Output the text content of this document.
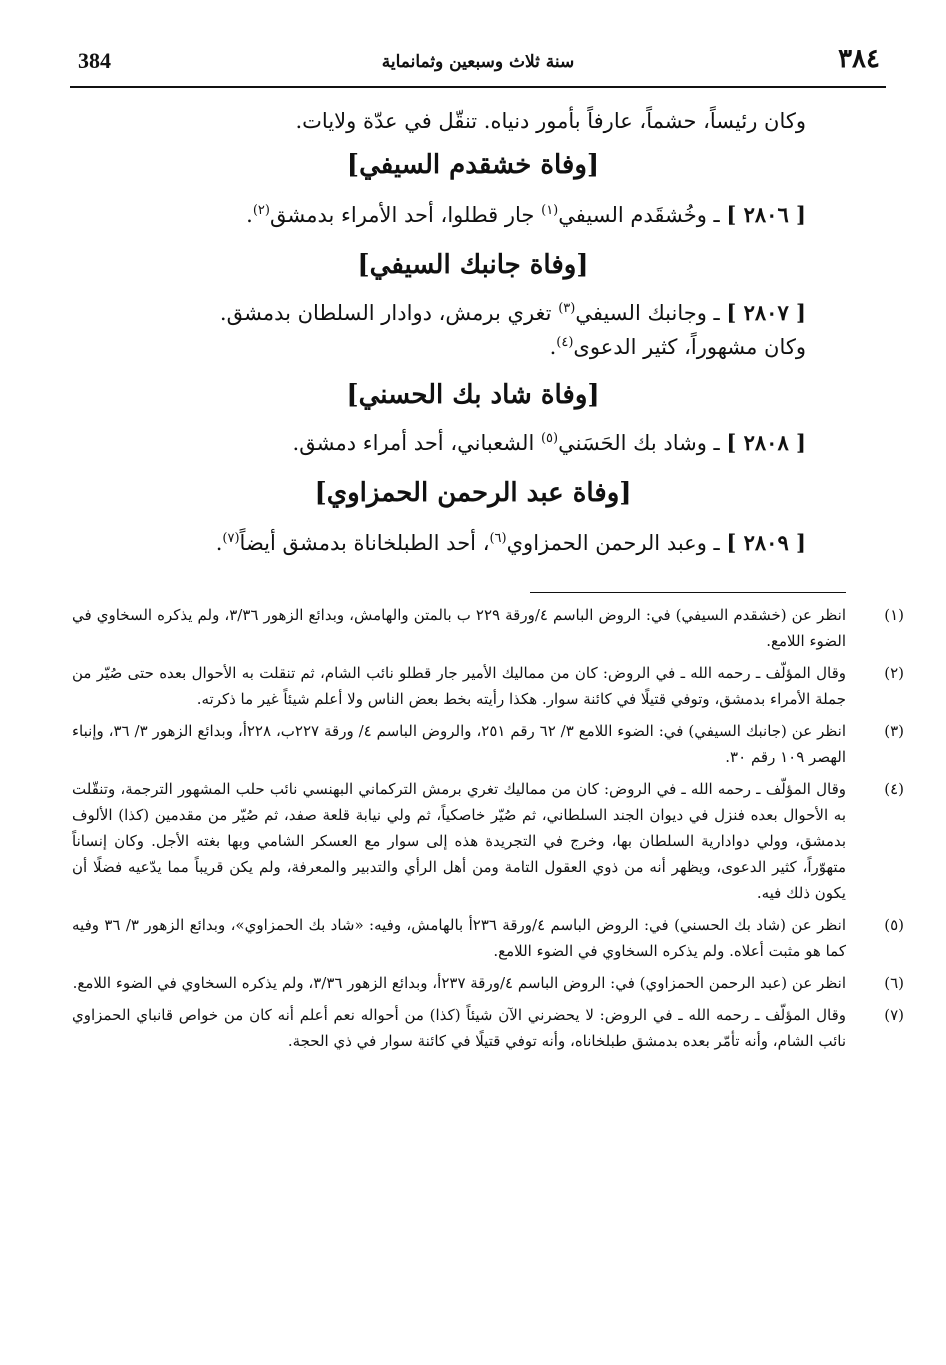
384	سنة ثلاث وسبعين وثمانماية	٣٨٤
وكان رئيساً، حشماً، عارفاً بأمور دنياه. تنقّل في عدّة ولايات.
[وفاة خشقدم السيفي]
[ ٢٨٠٦ ] ـ وخُشقَدم السيفي$^{(١)}$ جار قطلوا، أحد الأمراء بدمشق$^{(٢)}$.
[وفاة جانبك السيفي]
[ ٢٨٠٧ ] ـ وجانبك السيفي$^{(٣)}$ تغري برمش، دوادار السلطان بدمشق.
وكان مشهوراً، كثير الدعوى$^{(٤)}$.
[وفاة شاد بك الحسني]
[ ٢٨٠٨ ] ـ وشاد بك الحَسَني$^{(٥)}$ الشعباني، أحد أمراء دمشق.
[وفاة عبد الرحمن الحمزاوي]
[ ٢٨٠٩ ] ـ وعبد الرحمن الحمزاوي$^{(٦)}$، أحد الطبلخاناة بدمشق أيضاً$^{(٧)}$.
(١)
انظر عن (خشقدم السيفي) في: الروض الباسم ٤/ورقة ٢٢٩ ب بالمتن والهامش، وبدائع الزهور ٣/٣٦، ولم يذكره السخاوي في الضوء اللامع.
(٢)
وقال المؤلّف ـ رحمه الله ـ في الروض: كان من مماليك الأمير جار قطلو نائب الشام، ثم تنقلت به الأحوال بعده حتى صُيّر من جملة الأمراء بدمشق، وتوفي قتيلًا في كائنة سوار. هكذا رأيته بخط بعض الناس ولا أعلم شيئاً غير ما ذكرته.
(٣)
انظر عن (جانبك السيفي) في: الضوء اللامع ٣/ ٦٢ رقم ٢٥١، والروض الباسم ٤/ ورقة ٢٢٧ب، ٢٢٨أ، وبدائع الزهور ٣/ ٣٦، وإنباء الهصر ١٠٩ رقم ٣٠.
(٤)
وقال المؤلّف ـ رحمه الله ـ في الروض: كان من مماليك تغري برمش التركماني البهنسي نائب حلب المشهور الترجمة، وتنقّلت به الأحوال بعده فنزل في ديوان الجند السلطاني، ثم صُيّر خاصكياً، ثم ولي نيابة قلعة صفد، ثم صُيّر من مقدمين (كذا) الألوف بدمشق، وولي دوادارية السلطان بها، وخرج في التجريدة هذه إلى سوار مع العسكر الشامي وبها بغته الأجل. وكان إنساناً متهوّراً، كثير الدعوى، ويظهر أنه من ذوي العقول التامة ومن أهل الرأي والتدبير والمعرفة، ولم يكن قريباً مما يدّعيه فضلًا أن يكون ذلك فيه.
(٥)
انظر عن (شاد بك الحسني) في: الروض الباسم ٤/ورقة ٢٣٦أ بالهامش، وفيه: «شاد بك الحمزاوي»، وبدائع الزهور ٣/ ٣٦ وفيه كما هو مثبت أعلاه. ولم يذكره السخاوي في الضوء اللامع.
(٦)
انظر عن (عبد الرحمن الحمزاوي) في: الروض الباسم ٤/ورقة ٢٣٧أ، وبدائع الزهور ٣/٣٦، ولم يذكره السخاوي في الضوء اللامع.
(٧)
وقال المؤلّف ـ رحمه الله ـ في الروض: لا يحضرني الآن شيئاً (كذا) من أحواله نعم أعلم أنه كان من خواص قانباي الحمزاوي نائب الشام، وأنه تأمّر بعده بدمشق طبلخاناه، وأنه توفي قتيلًا في كائنة سوار في ذي الحجة.
